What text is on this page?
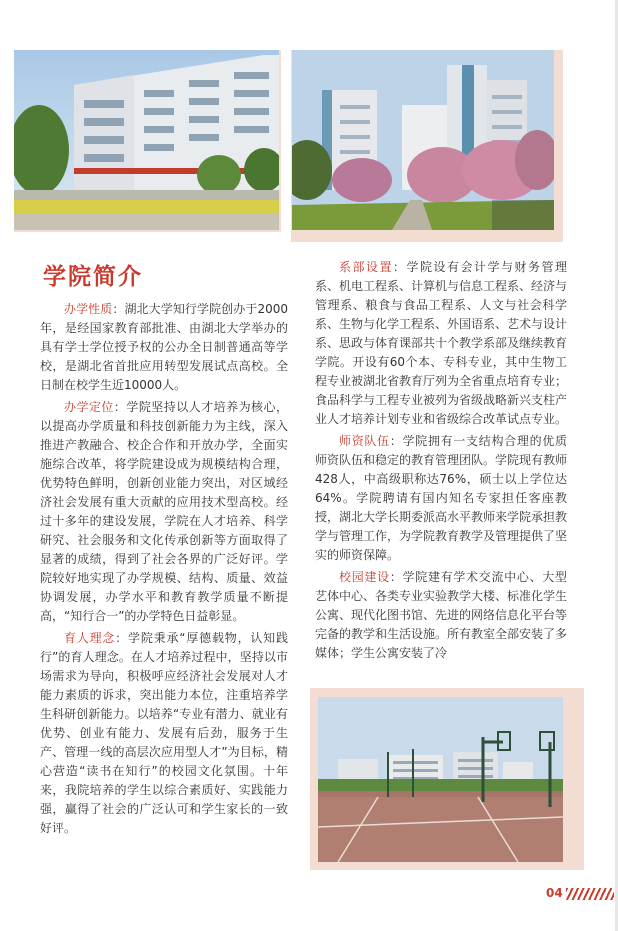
学院简介

办学性质：湖北大学知行学院创办于2000年，是经国家教育部批准、由湖北大学举办的具有学士学位授予权的公办全日制普通高等学校，是湖北省首批应用转型发展试点高校。全日制在校学生近10000人。

办学定位：学院坚持以人才培养为核心，以提高办学质量和科技创新能力为主线，深入推进产教融合、校企合作和开放办学，全面实施综合改革，将学院建设成为规模结构合理，优势特色鲜明，创新创业能力突出，对区域经济社会发展有重大贡献的应用技术型高校。经过十多年的建设发展，学院在人才培养、科学研究、社会服务和文化传承创新等方面取得了显著的成绩，得到了社会各界的广泛好评。学院较好地实现了办学规模、结构、质量、效益协调发展，办学水平和教育教学质量不断提高，“知行合一”的办学特色日益彰显。

育人理念：学院秉承“厚德载物，认知践行”的育人理念。在人才培养过程中，坚持以市场需求为导向，积极呼应经济社会发展对人才能力素质的诉求，突出能力本位，注重培养学生科研创新能力。以培养“专业有潜力、就业有优势、创业有能力、发展有后劲，服务于生产、管理一线的高层次应用型人才”为目标，精心营造“读书在知行”的校园文化氛围。十年来，我院培养的学生以综合素质好、实践能力强，赢得了社会的广泛认可和学生家长的一致好评。

系部设置：学院设有会计学与财务管理系、机电工程系、计算机与信息工程系、经济与管理系、粮食与食品工程系、人文与社会科学系、生物与化学工程系、外国语系、艺术与设计系、思政与体育课部共十个教学系部及继续教育学院。开设有60个本、专科专业，其中生物工程专业被湖北省教育厅列为全省重点培育专业；食品科学与工程专业被列为省级战略新兴支柱产业人才培养计划专业和省级综合改革试点专业。

师资队伍：学院拥有一支结构合理的优质师资队伍和稳定的教育管理团队。学院现有教师428人，中高级职称达76%，硕士以上学位达64%。学院聘请有国内知名专家担任客座教授，湖北大学长期委派高水平教师来学院承担教学与管理工作，为学院教育教学及管理提供了坚实的师资保障。

校园建设：学院建有学术交流中心、大型艺体中心、各类专业实验教学大楼、标准化学生公寓、现代化图书馆、先进的网络信息化平台等完备的教学和生活设施。所有教室全部安装了多媒体；学生公寓安装了冷

04
